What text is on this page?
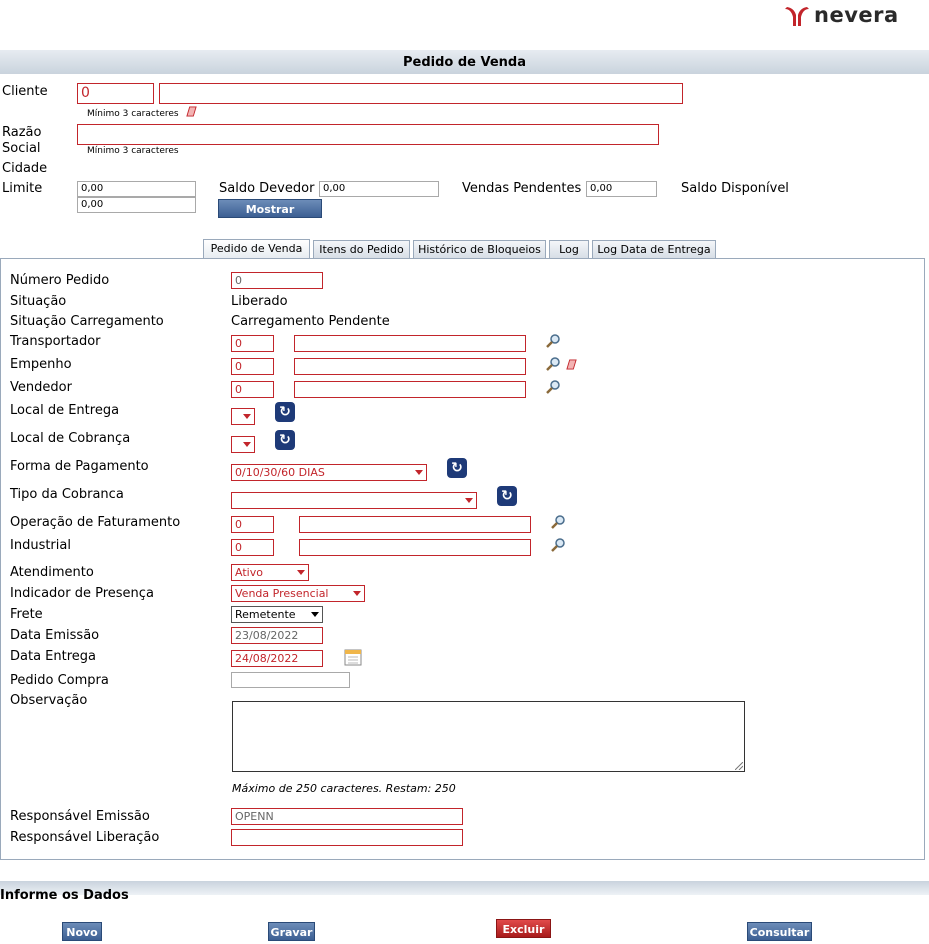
nevera
Pedido de Venda
Cliente 0
Mínimo 3 caracteres
Razão
Social	Mínimo 3 caracteres
Cidade
Limite	0,00
0,00
Saldo Devedor 0,00	Vendas Pendentes 0,00	Saldo Disponível
Mostrar Detalhes
Pedido de Venda	Itens do Pedido	Histórico de Bloqueios	Log	Log Data de Entrega
Número Pedido	0
Situação	Liberado
Situação Carregamento	Carregamento Pendente
Transportador	0
Empenho	0
Vendedor	0
Local de Entrega	↻
Local de Cobrança	↻
Forma de Pagamento	0/10/30/60 DIAS	↻
Tipo da Cobranca	↻
Operação de Faturamento	0
Industrial	0
Atendimento	Ativo
Indicador de Presença	Venda Presencial
Frete	Remetente
Data Emissão	23/08/2022
Data Entrega	24/08/2022
Pedido Compra
Observação
Máximo de 250 caracteres. Restam: 250
Responsável Emissão	OPENN
Responsável Liberação
Informe os Dados
Novo	Gravar	Excluir	Consultar
